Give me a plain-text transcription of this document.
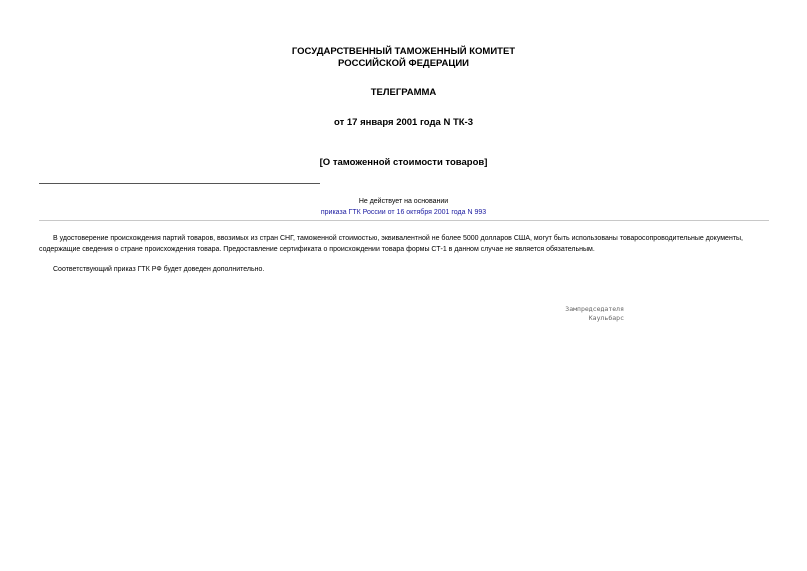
ГОСУДАРСТВЕННЫЙ ТАМОЖЕННЫЙ КОМИТЕТ
РОССИЙСКОЙ ФЕДЕРАЦИИ
ТЕЛЕГРАММА
от 17 января 2001 года N ТК-3
[О таможенной стоимости товаров]
Не действует на основании
приказа ГТК России от 16 октября 2001 года N 993

В удостоверение происхождения партий товаров, ввозимых из стран СНГ, таможенной стоимостью, эквивалентной не более 5000 долларов США, могут быть использованы товаросопроводительные документы, содержащие сведения о стране происхождения товара. Предоставление сертификата о происхождении товара формы СТ-1 в данном случае не является обязательным.

Соответствующий приказ ГТК РФ будет доведен дополнительно.

Зампредседателя
Каульбарс
